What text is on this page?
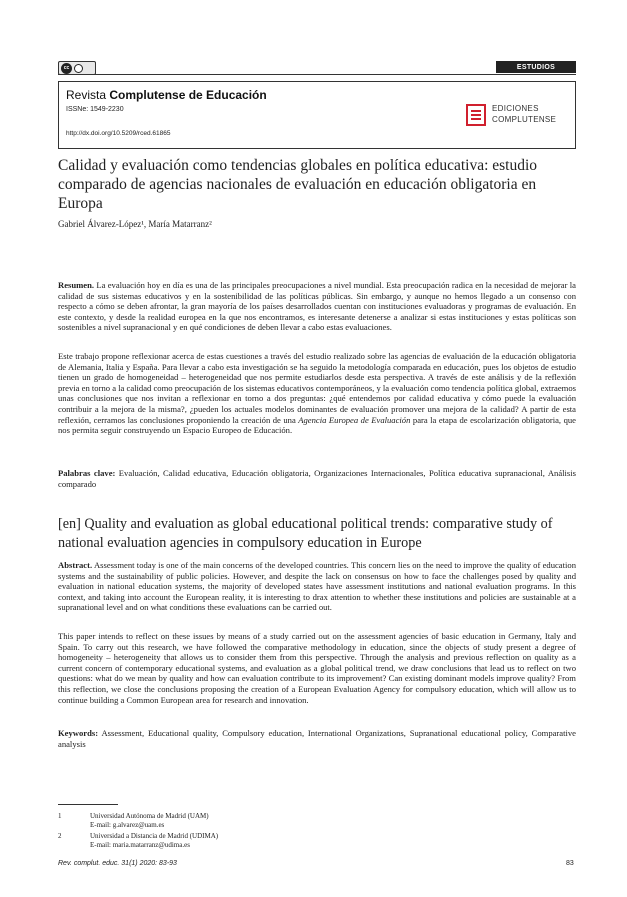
cc	ESTUDIOS
Revista Complutense de Educación
ISSNe: 1549-2230
http://dx.doi.org/10.5209/rced.61865
EDICIONES
COMPLUTENSE
Calidad y evaluación como tendencias globales en política educativa: estudio comparado de agencias nacionales de evaluación en educación obligatoria en Europa
Gabriel Álvarez-López¹, María Matarranz²
Resumen. La evaluación hoy en día es una de las principales preocupaciones a nivel mundial. Esta preocupación radica en la necesidad de mejorar la calidad de sus sistemas educativos y en la sostenibilidad de las políticas públicas. Sin embargo, y aunque no hemos llegado a un consenso con respecto a cómo se deben afrontar, la gran mayoría de los países desarrollados cuentan con instituciones evaluadoras y programas de evaluación. En este contexto, y desde la realidad europea en la que nos encontramos, es interesante detenerse a analizar si estas instituciones y estas políticas son sostenibles a nivel supranacional y en qué condiciones de deben llevar a cabo estas evaluaciones.
Este trabajo propone reflexionar acerca de estas cuestiones a través del estudio realizado sobre las agencias de evaluación de la educación obligatoria de Alemania, Italia y España. Para llevar a cabo esta investigación se ha seguido la metodología comparada en educación, pues los objetos de estudio tienen un grado de homogeneidad – heterogeneidad que nos permite estudiarlos desde esta perspectiva. A través de este análisis y de la reflexión previa en torno a la calidad como preocupación de los sistemas educativos contemporáneos, y la evaluación como tendencia política global, extraemos unas conclusiones que nos invitan a reflexionar en torno a dos preguntas: ¿qué entendemos por calidad educativa y cómo puede la evaluación contribuir a la mejora de la misma?, ¿pueden los actuales modelos dominantes de evaluación promover una mejora de la calidad? A partir de esta reflexión, cerramos las conclusiones proponiendo la creación de una Agencia Europea de Evaluación para la etapa de escolarización obligatoria, que nos permita seguir construyendo un Espacio Europeo de Educación.
Palabras clave: Evaluación, Calidad educativa, Educación obligatoria, Organizaciones Internacionales, Política educativa supranacional, Análisis comparado
[en] Quality and evaluation as global educational political trends: comparative study of national evaluation agencies in compulsory education in Europe
Abstract. Assessment today is one of the main concerns of the developed countries. This concern lies on the need to improve the quality of education systems and the sustainability of public policies. However, and despite the lack on consensus on how to face the challenges posed by quality and evaluation in national education systems, the majority of developed states have assessment institutions and national evaluation programs. In this context, and taking into account the European reality, it is interesting to drax attention to whether these institutions and policies are sustainable at a supranational level and on what conditions these evaluations can be carried out.
This paper intends to reflect on these issues by means of a study carried out on the assessment agencies of basic education in Germany, Italy and Spain. To carry out this research, we have followed the comparative methodology in education, since the objects of study present a degree of homogeneity – heterogeneity that allows us to consider them from this perspective. Through the analysis and previous reflection on quality as a current concern of contemporary educational systems, and evaluation as a global political trend, we draw conclusions that lead us to reflect on two questions: what do we mean by quality and how can evaluation contribute to its improvement? Can existing dominant models improve quality? From this reflection, we close the conclusions proposing the creation of a European Evaluation Agency for compulsory education, which will allow us to continue building a Common European area for research and innovation.
Keywords: Assessment, Educational quality, Compulsory education, International Organizations, Supranational educational policy, Comparative analysis
1	Universidad Autónoma de Madrid (UAM)
E-mail: g.alvarez@uam.es
2	Universidad a Distancia de Madrid (UDIMA)
E-mail: maria.matarranz@udima.es
Rev. complut. educ. 31(1) 2020: 83-93	83
